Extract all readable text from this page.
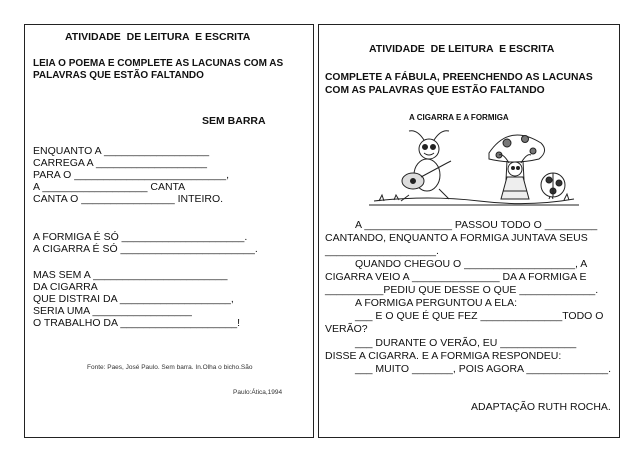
ATIVIDADE  DE LEITURA  E ESCRITA
LEIA O POEMA E COMPLETE AS LACUNAS COM AS
PALAVRAS QUE ESTÃO FALTANDO
SEM BARRA
ENQUANTO A __________________
CARREGA A ___________________
PARA O __________________________,
A __________________ CANTA
CANTA O ________________ INTEIRO.
A FORMIGA É SÓ _____________________.
A CIGARRA É SÓ _______________________.
MAS SEM A _______________________
DA CIGARRA
QUE DISTRAI DA ___________________,
SERIA UMA _________________
O TRABALHO DA ____________________!
Fonte: Paes, José Paulo. Sem barra. In.Olha o bicho.São
Paulo:Ática,1994
ATIVIDADE  DE LEITURA  E ESCRITA
COMPLETE A FÁBULA, PREENCHENDO AS LACUNAS
COM AS PALAVRAS QUE ESTÃO FALTANDO
A CIGARRA E A FORMIGA
A _______________ PASSOU TODO O _________
CANTANDO, ENQUANTO A FORMIGA JUNTAVA SEUS
___________________.
QUANDO CHEGOU O ___________________, A
CIGARRA VEIO A _______________ DA A FORMIGA E
__________PEDIU QUE DESSE O QUE _____________.
A FORMIGA PERGUNTOU A ELA:
___ E O QUE É QUE FEZ ______________TODO O
VERÃO?
___ DURANTE O VERÃO, EU _____________
DISSE A CIGARRA. E A FORMIGA RESPONDEU:
___ MUITO _______, POIS AGORA ______________.
ADAPTAÇÃO RUTH ROCHA.
